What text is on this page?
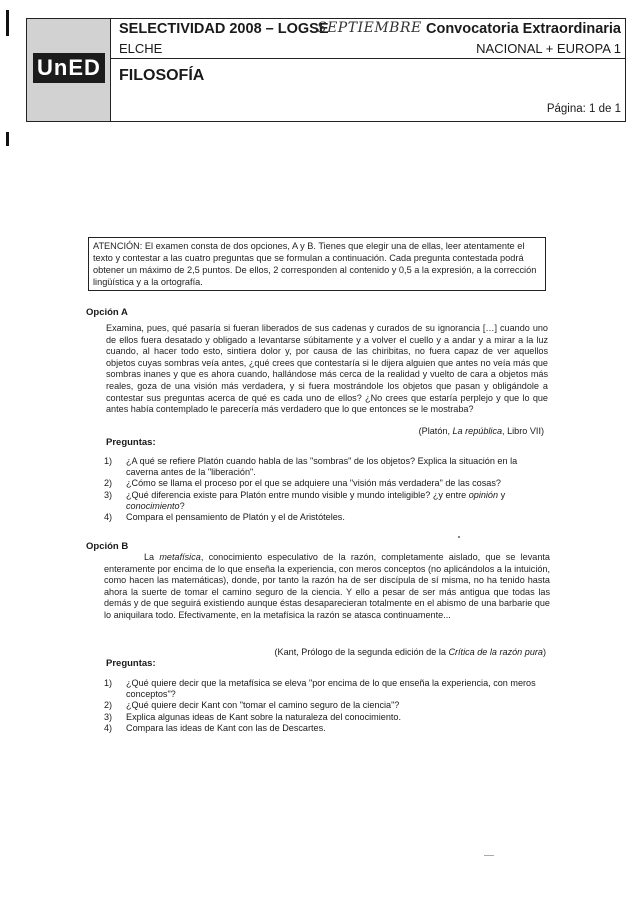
UnED
SELECTIVIDAD 2008 – LOGSE
SEPTIEMBRE
ELCHE
Convocatoria Extraordinaria
NACIONAL + EUROPA 1
FILOSOFÍA
Página: 1 de 1
ATENCIÓN: El examen consta de dos opciones, A y B. Tienes que elegir una de ellas, leer atentamente el texto y contestar a las cuatro preguntas que se formulan a continuación. Cada pregunta contestada podrá obtener un máximo de 2,5 puntos. De ellos, 2 corresponden al contenido y 0,5 a la expresión, a la corrección lingüística y a la ortografía.
Opción A
Examina, pues, qué pasaría si fueran liberados de sus cadenas y curados de su ignorancia […] cuando uno de ellos fuera desatado y obligado a levantarse súbitamente y a volver el cuello y a andar y a mirar a la luz cuando, al hacer todo esto, sintiera dolor y, por causa de las chiribitas, no fuera capaz de ver aquellos objetos cuyas sombras veía antes, ¿qué crees que contestaría si le dijera alguien que antes no veía más que sombras inanes y que es ahora cuando, hallándose más cerca de la realidad y vuelto de cara a objetos más reales, goza de una visión más verdadera, y si fuera mostrándole los objetos que pasan y obligándole a contestar sus preguntas acerca de qué es cada uno de ellos? ¿No crees que estaría perplejo y que lo que antes había contemplado le parecería más verdadero que lo que entonces se le mostraba?
(Platón, La república, Libro VII)
Preguntas:
1) ¿A qué se refiere Platón cuando habla de las "sombras" de los objetos? Explica la situación en la caverna antes de la "liberación".
2) ¿Cómo se llama el proceso por el que se adquiere una "visión más verdadera" de las cosas?
3) ¿Qué diferencia existe para Platón entre mundo visible y mundo inteligible? ¿y entre opinión y conocimiento?
4) Compara el pensamiento de Platón y el de Aristóteles.
Opción B
La metafísica, conocimiento especulativo de la razón, completamente aislado, que se levanta enteramente por encima de lo que enseña la experiencia, con meros conceptos (no aplicándolos a la intuición, como hacen las matemáticas), donde, por tanto la razón ha de ser discípula de sí misma, no ha tenido hasta ahora la suerte de tomar el camino seguro de la ciencia. Y ello a pesar de ser más antigua que todas las demás y de que seguirá existiendo aunque éstas desaparecieran totalmente en el abismo de una barbarie que lo aniquilara todo. Efectivamente, en la metafísica la razón se atasca continuamente...
(Kant, Prólogo de la segunda edición de la Crítica de la razón pura)
Preguntas:
1) ¿Qué quiere decir que la metafísica se eleva "por encima de lo que enseña la experiencia, con meros conceptos"?
2) ¿Qué quiere decir Kant con "tomar el camino seguro de la ciencia"?
3) Explica algunas ideas de Kant sobre la naturaleza del conocimiento.
4) Compara las ideas de Kant con las de Descartes.
